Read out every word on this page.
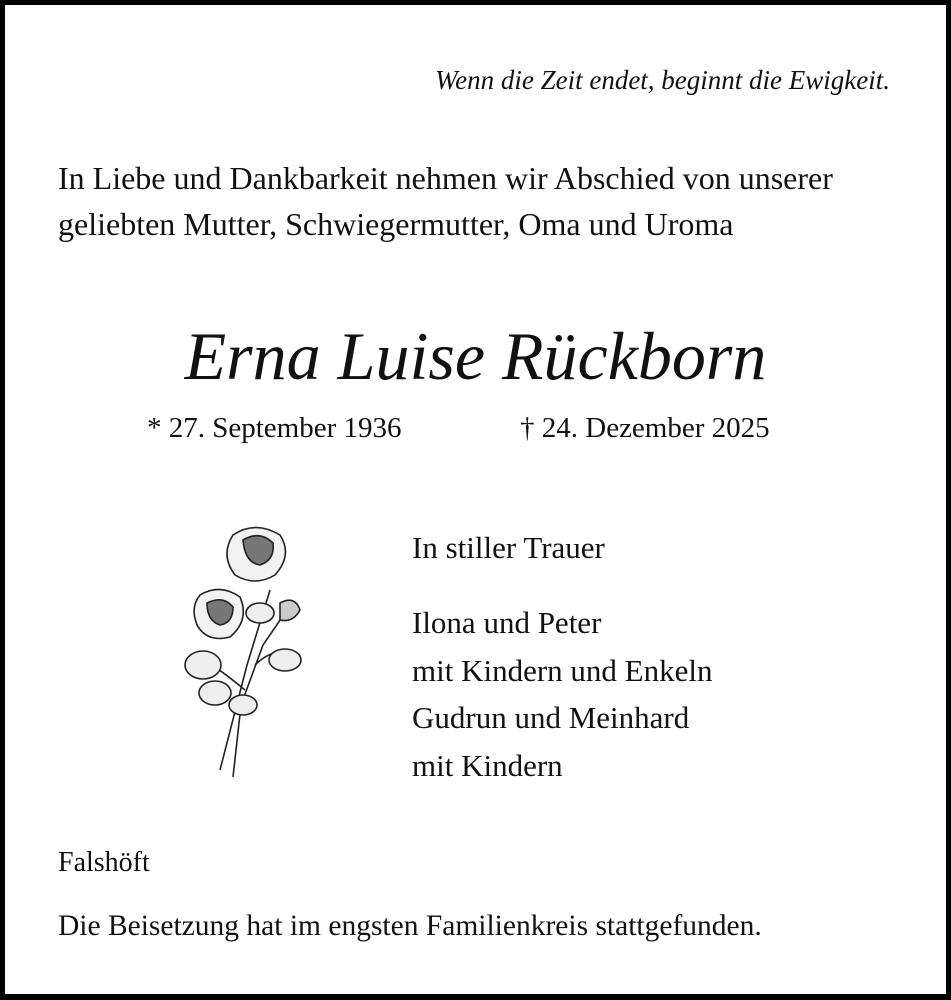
Wenn die Zeit endet, beginnt die Ewigkeit.
In Liebe und Dankbarkeit nehmen wir Abschied von unserer geliebten Mutter, Schwiegermutter, Oma und Uroma
Erna Luise Rückborn
* 27. September 1936	† 24. Dezember 2025
In stiller Trauer
Ilona und Peter
mit Kindern und Enkeln
Gudrun und Meinhard
mit Kindern
Falshöft
Die Beisetzung hat im engsten Familienkreis stattgefunden.
